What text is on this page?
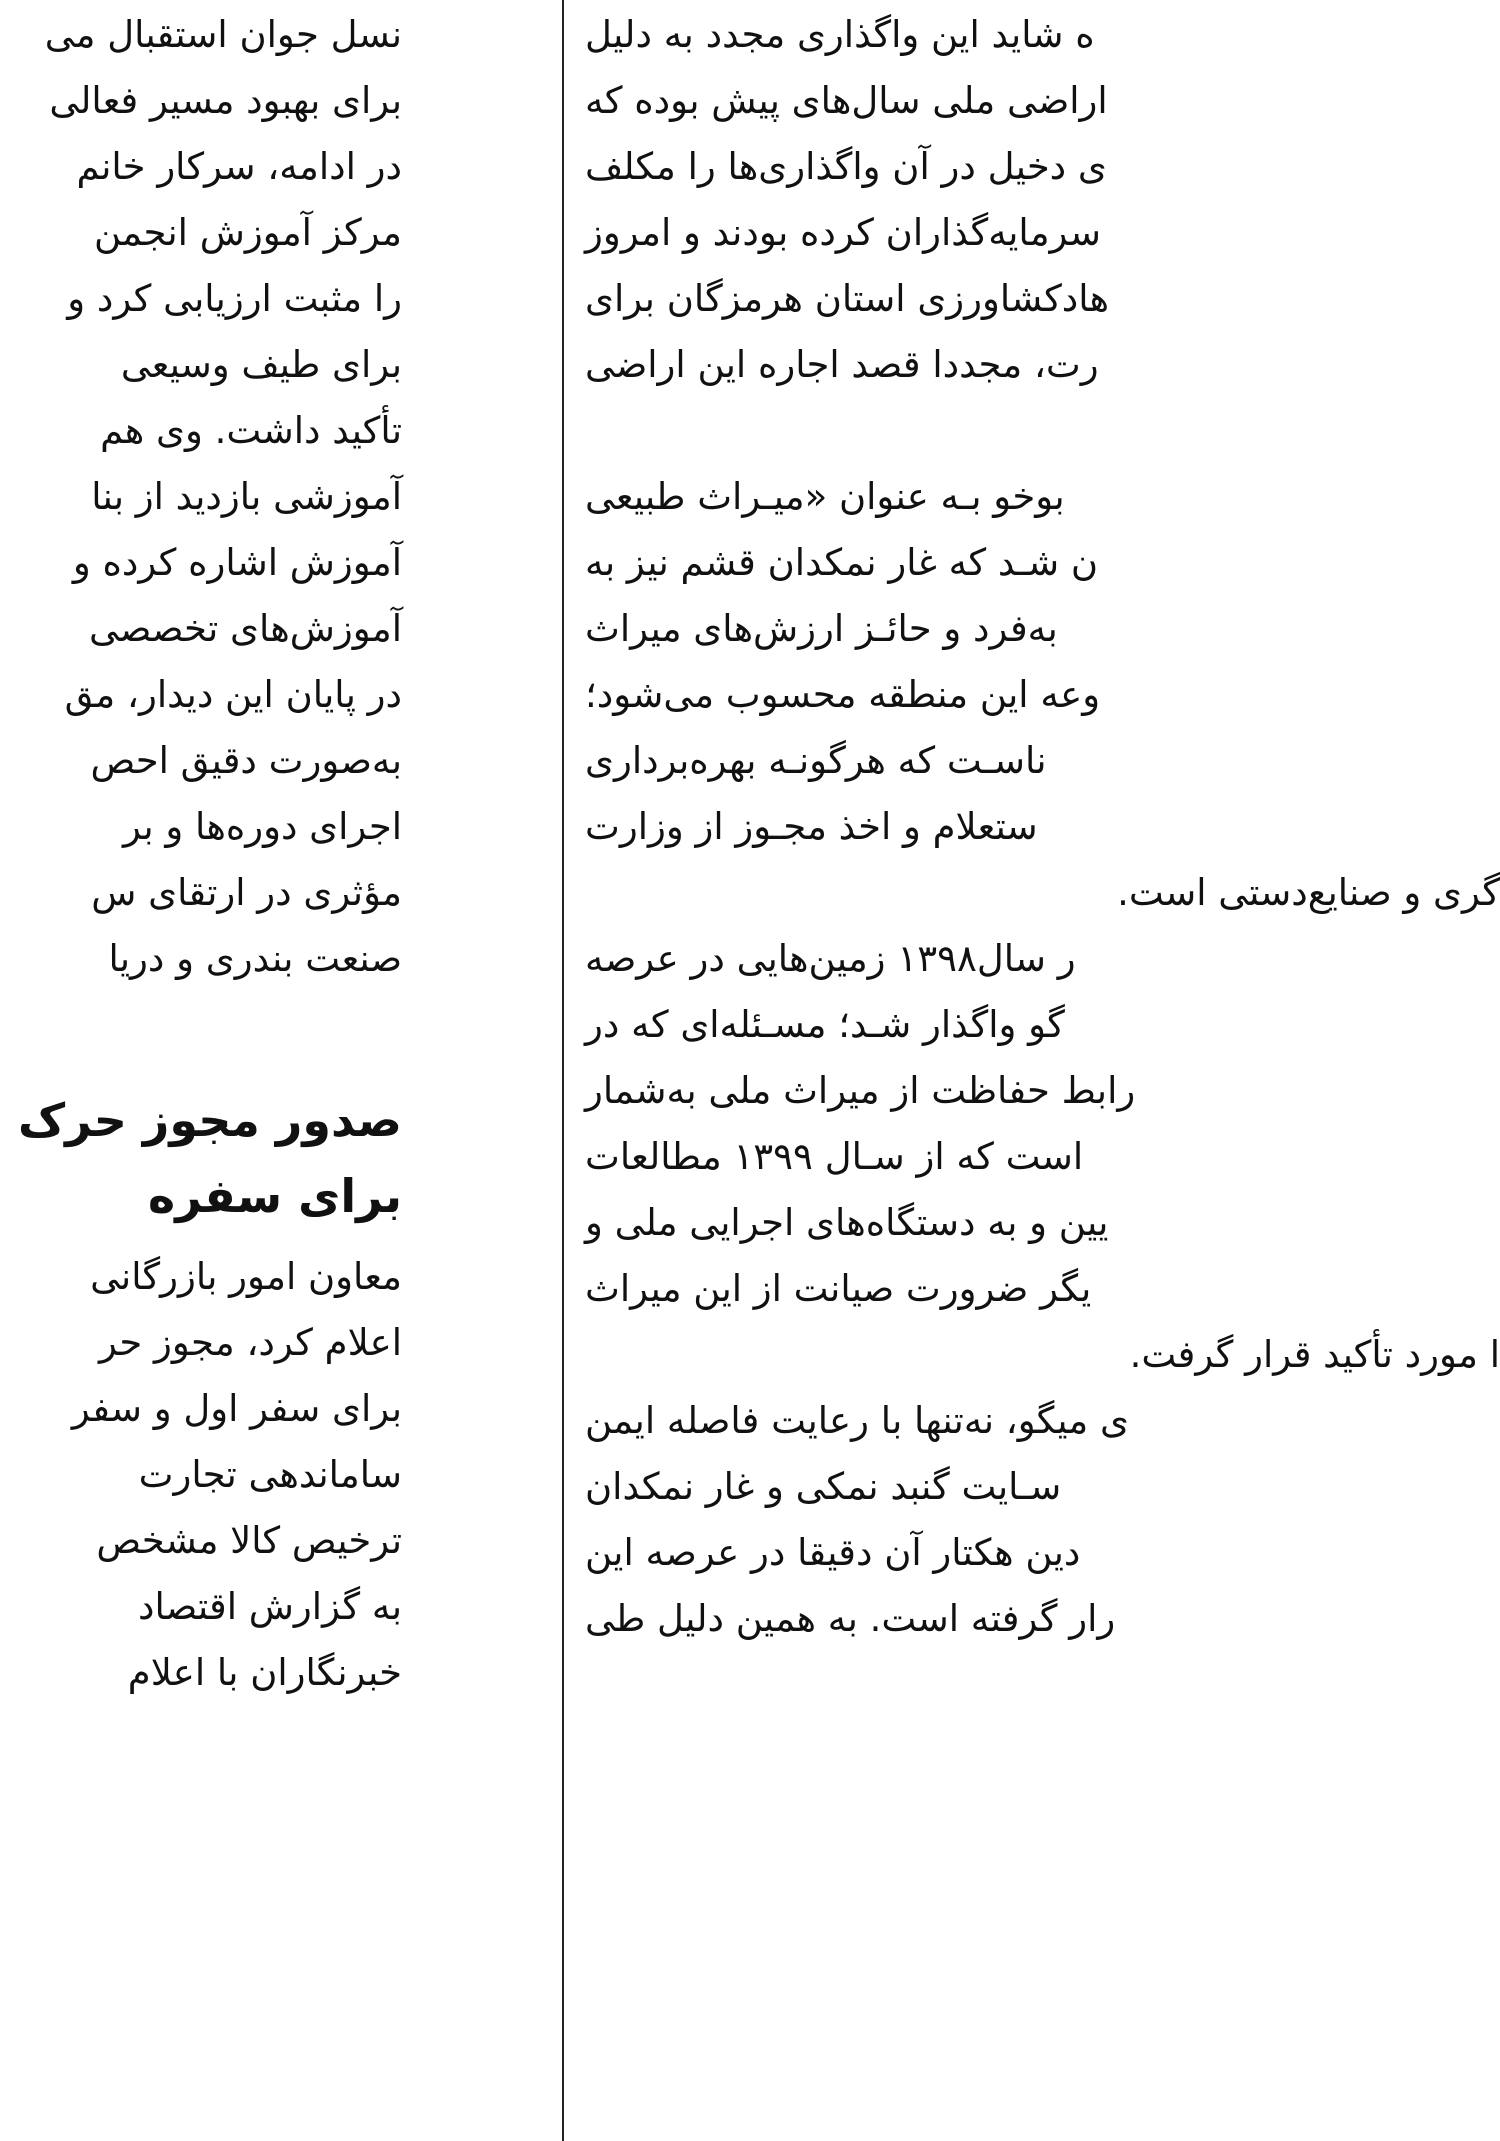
نسل جوان استقبال می
برای بهبود مسیر فعالی
در ادامه، سرکار خانم
مرکز آموزش انجمن
را مثبت ارزیابی کرد و
برای طیف وسیعی
تأکید داشت. وی هم
آموزشی بازدید از بنا
آموزش اشاره کرده و
آموزش‌های تخصصی
در پایان این دیدار، مق
به‌صورت دقیق احص
اجرای دوره‌ها و بر
مؤثری در ارتقای س
صنعت بندری و دریا
صدور مجوز حرک
برای سفره
معاون امور بازرگانی
اعلام کرد، مجوز حر
برای سفر اول و سفر
ساماندهی تجارت
ترخیص کالا مشخص
به گزارش اقتصاد
خبرنگاران با اعلام
ه شاید این واگذاری مجدد به دلیل
اراضی ملی سال‌های پیش بوده که
ی دخیل در آن واگذاری‌ها را مکلف
سرمایه‌گذاران کرده بودند و امروز
هادکشاورزی استان هرمزگان برای
رت، مجددا قصد اجاره این اراضی
بوخو بـه عنوان «میـراث طبیعی
ن شـد که غار نمکدان قشم نیز به
به‌فرد و حائـز ارزش‌های میراث
وعه این منطقه محسوب می‌شود؛
ناسـت که هرگونـه بهره‌برداری
ستعلام و اخذ مجـوز از وزارت
گری و صنایع‌دستی است.
ر سال۱۳۹۸ زمین‌هایی در عرصه
گو واگذار شـد؛ مسـئله‌ای که در
رابط حفاظت از میراث ملی به‌شمار
است که از سـال ۱۳۹۹ مطالعات
یین و به دستگاه‌های اجرایی ملی و
یگر ضرورت صیانت از این میراث
ا مورد تأکید قرار گرفت.
ی میگو، نه‌تنها با رعایت فاصله ایمن
سـایت گنبد نمکی و غار نمکدان
دین هکتار آن دقیقا در عرصه این
رار گرفته است. به همین دلیل طی
